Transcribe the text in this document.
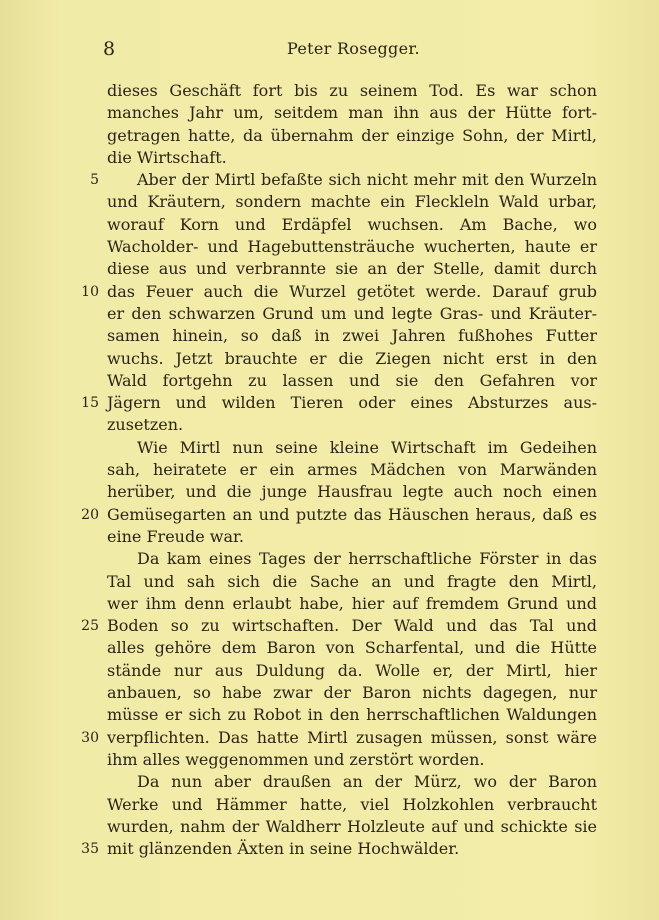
8	Peter Rosegger.
dieses Geschäft fort bis zu seinem Tod. Es war schon
manches Jahr um, seitdem man ihn aus der Hütte fort-
getragen hatte, da übernahm der einzige Sohn, der Mirtl,
die Wirtschaft.
5 Aber der Mirtl befaßte sich nicht mehr mit den Wurzeln
und Kräutern, sondern machte ein Fleckleln Wald urbar,
worauf Korn und Erdäpfel wuchsen. Am Bache, wo
Wacholder- und Hagebuttensträuche wucherten, haute er
diese aus und verbrannte sie an der Stelle, damit durch
10 das Feuer auch die Wurzel getötet werde. Darauf grub
er den schwarzen Grund um und legte Gras- und Kräuter-
samen hinein, so daß in zwei Jahren fußhohes Futter
wuchs. Jetzt brauchte er die Ziegen nicht erst in den
Wald fortgehn zu lassen und sie den Gefahren vor
15 Jägern und wilden Tieren oder eines Absturzes aus-
zusetzen.
Wie Mirtl nun seine kleine Wirtschaft im Gedeihen
sah, heiratete er ein armes Mädchen von Marwänden
herüber, und die junge Hausfrau legte auch noch einen
20 Gemüsegarten an und putzte das Häuschen heraus, daß es
eine Freude war.
Da kam eines Tages der herrschaftliche Förster in das
Tal und sah sich die Sache an und fragte den Mirtl,
wer ihm denn erlaubt habe, hier auf fremdem Grund und
25 Boden so zu wirtschaften. Der Wald und das Tal und
alles gehöre dem Baron von Scharfental, und die Hütte
stände nur aus Duldung da. Wolle er, der Mirtl, hier
anbauen, so habe zwar der Baron nichts dagegen, nur
müsse er sich zu Robot in den herrschaftlichen Waldungen
30 verpflichten. Das hatte Mirtl zusagen müssen, sonst wäre
ihm alles weggenommen und zerstört worden.
Da nun aber draußen an der Mürz, wo der Baron
Werke und Hämmer hatte, viel Holzkohlen verbraucht
wurden, nahm der Waldherr Holzleute auf und schickte sie
35 mit glänzenden Äxten in seine Hochwälder.
